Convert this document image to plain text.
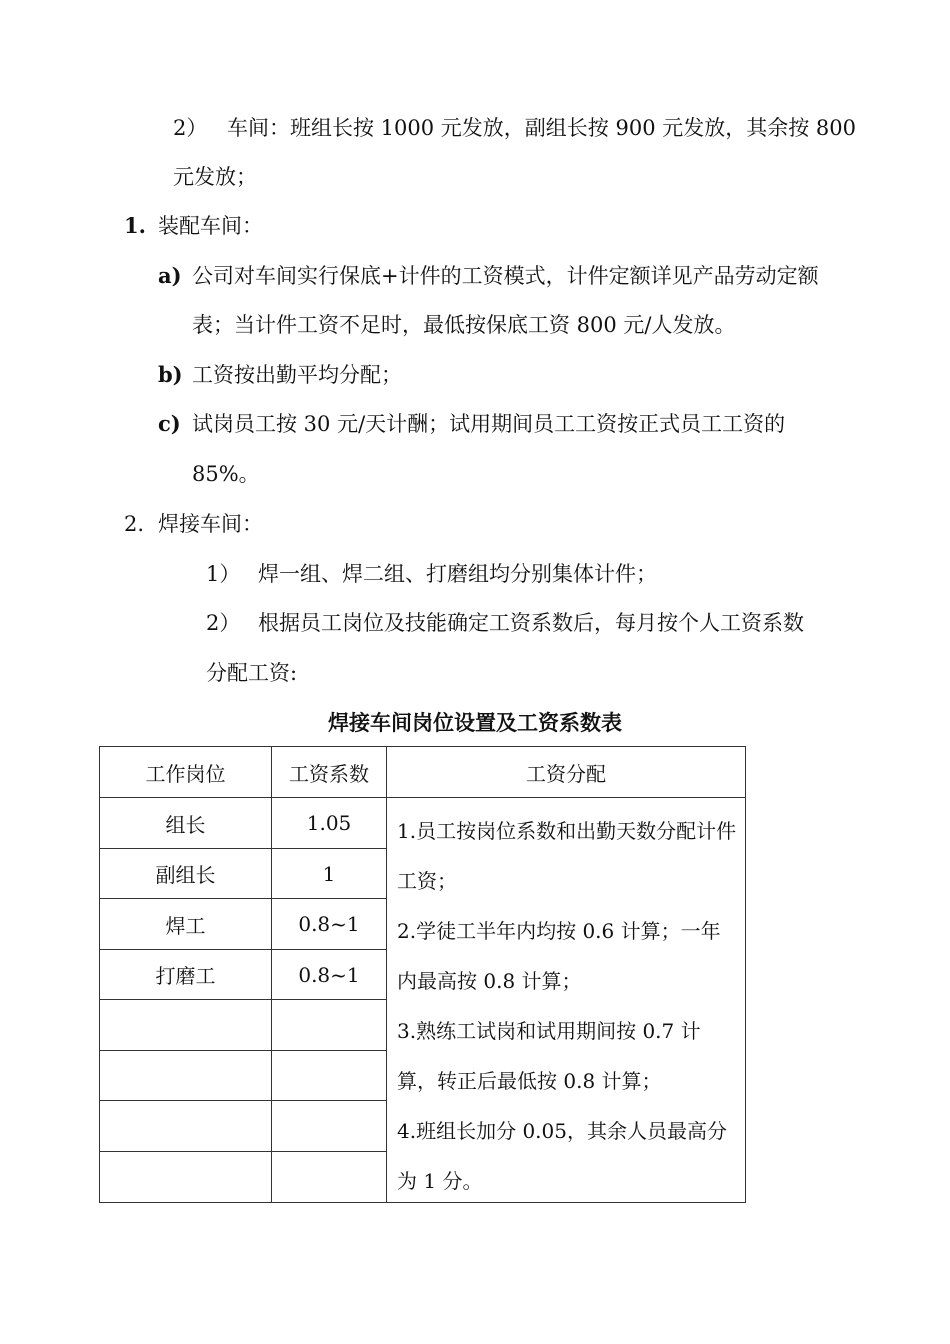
2） 车间：班组长按 1000 元发放，副组长按 900 元发放，其余按 800
元发放；
1. 装配车间：
a) 公司对车间实行保底+计件的工资模式，计件定额详见产品劳动定额
表；当计件工资不足时，最低按保底工资 800 元/人发放。
b) 工资按出勤平均分配；
c) 试岗员工按 30 元/天计酬；试用期间员工工资按正式员工工资的
85%。
2. 焊接车间：
1） 焊一组、焊二组、打磨组均分别集体计件；
2） 根据员工岗位及技能确定工资系数后，每月按个人工资系数
分配工资:
焊接车间岗位设置及工资系数表
工作岗位	工资系数	工资分配
组长	1.05
副组长	1
焊工	0.8~1
打磨工	0.8~1

1.员工按岗位系数和出勤天数分配计件工资；

2.学徒工半年内均按 0.6 计算；一年内最高按 0.8 计算；

3.熟练工试岗和试用期间按 0.7 计算，转正后最低按 0.8 计算；

4.班组长加分 0.05，其余人员最高分为 1 分。
